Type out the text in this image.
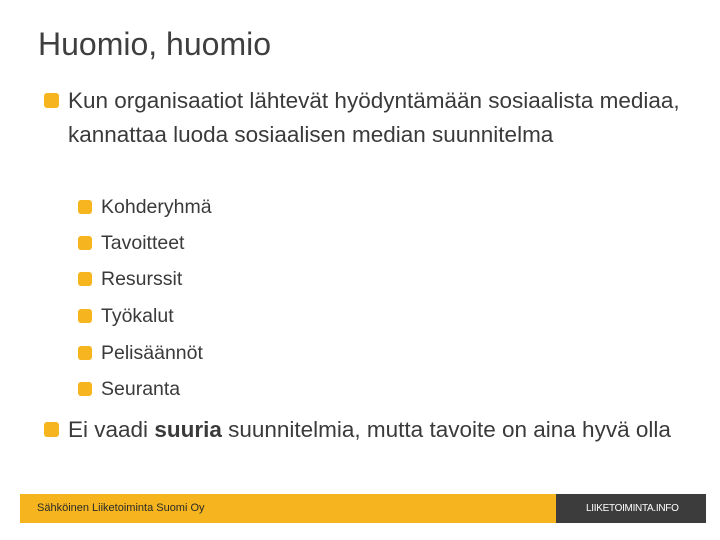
Huomio, huomio
Kun organisaatiot lähtevät hyödyntämään sosiaalista mediaa, kannattaa luoda sosiaalisen median suunnitelma
Kohderyhmä
Tavoitteet
Resurssit
Työkalut
Pelisäännöt
Seuranta
Ei vaadi suuria suunnitelmia, mutta tavoite on aina hyvä olla
Sähköinen Liiketoiminta Suomi Oy	LIIKETOIMINTA.INFO
